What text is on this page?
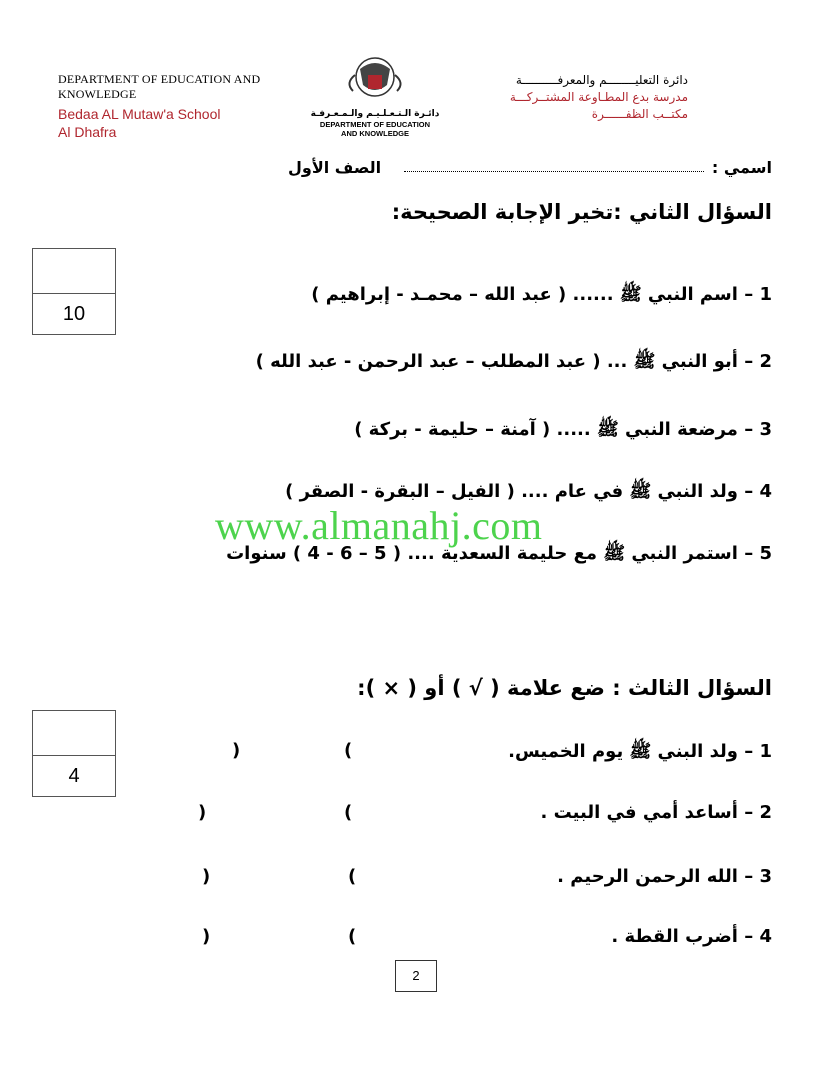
DEPARTMENT OF EDUCATION AND
KNOWLEDGE
Bedaa AL Mutaw'a School
Al Dhafra
دائـرة الـتـعـلـيـم والـمـعـرفـة
DEPARTMENT OF EDUCATION
AND KNOWLEDGE
دائرة التعليــــــــم والمعرفــــــــــة
مدرسة بدع المطـاوعة المشتــركـــة
مكتــب الظفــــــرة
اسمي :
الصف الأول
السؤال الثاني :تخير الإجابة الصحيحة:
10
1 – اسم النبي ﷺ ...... ( عبد الله – محمـد - إبراهيم )
2 – أبو النبي ﷺ ... ( عبد المطلب – عبد الرحمن - عبد الله )
3 – مرضعة النبي ﷺ ..... ( آمنة – حليمة - بركة )
4 – ولد النبي ﷺ في عام .... ( الفيل – البقرة - الصقر )
5 – استمر النبي ﷺ مع حليمة السعدية .... ( 5 – 6 - 4 ) سنوات
www.almanahj.com
السؤال الثالث : ضع علامة ( √ ) أو ( × ):
4
1 – ولد البني ﷺ يوم الخميس.
(
)
2 – أساعد أمي في البيت .
(
)
3 – الله الرحمن الرحيم .
(
)
4 – أضرب القطة .
(
)
2
